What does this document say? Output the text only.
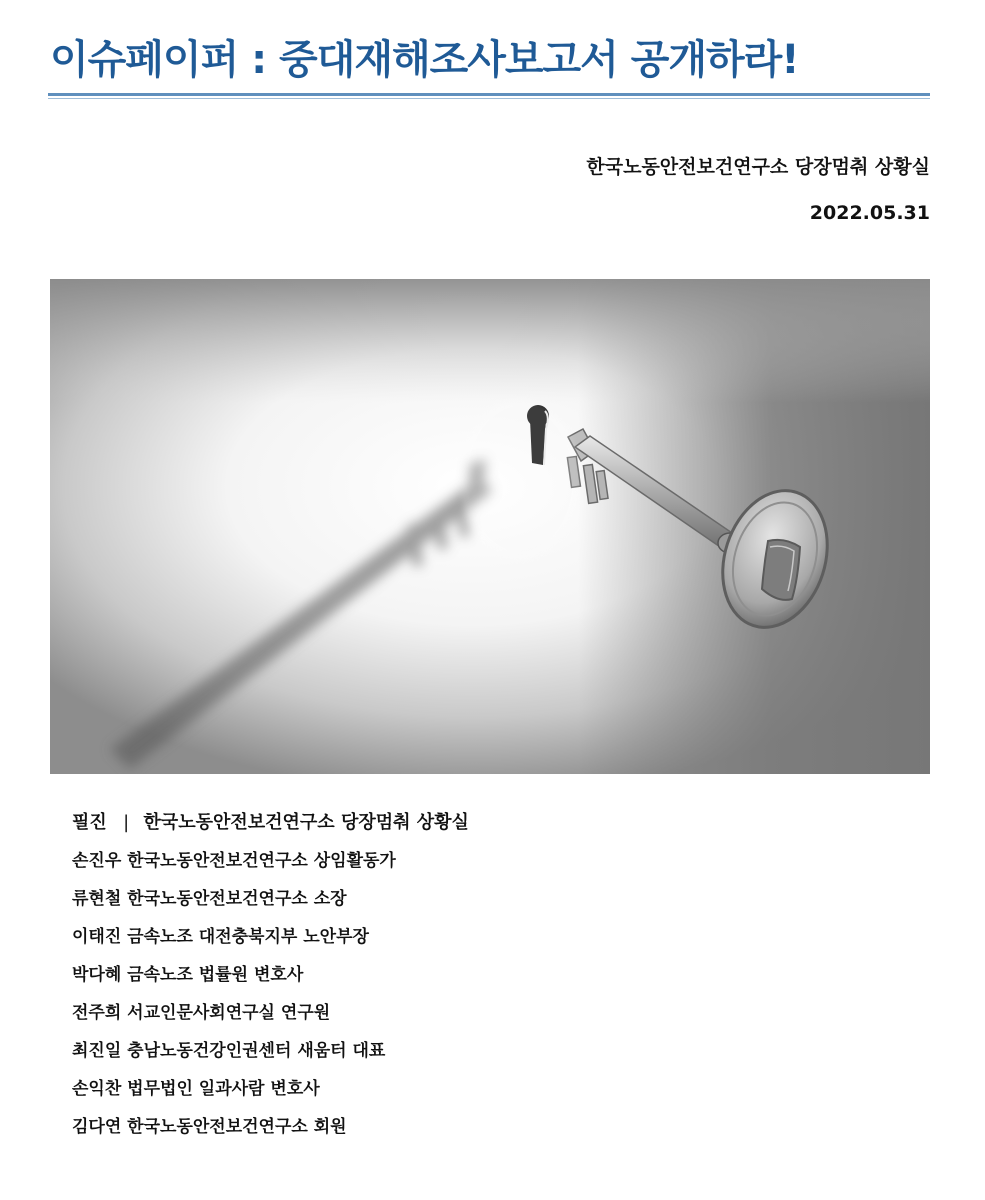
이슈페이퍼 : 중대재해조사보고서 공개하라!
한국노동안전보건연구소 당장멈춰 상황실
2022.05.31
필진 | 한국노동안전보건연구소 당장멈춰 상황실
손진우 한국노동안전보건연구소 상임활동가
류현철 한국노동안전보건연구소 소장
이태진 금속노조 대전충북지부 노안부장
박다혜 금속노조 법률원 변호사
전주희 서교인문사회연구실 연구원
최진일 충남노동건강인권센터 새움터 대표
손익찬 법무법인 일과사람 변호사
김다연 한국노동안전보건연구소 회원
